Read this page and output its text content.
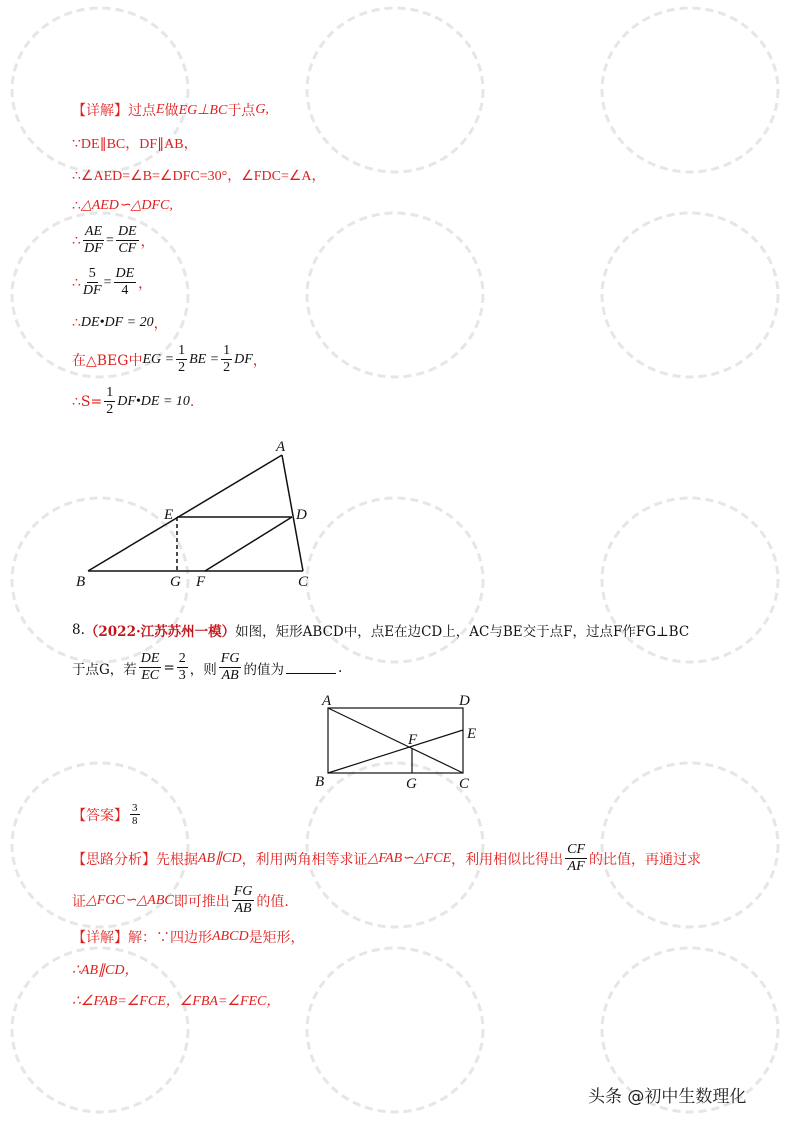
【详解】 过点 E 做 EG⊥BC 于点 G,
∵DE∥BC，DF∥AB，
∴∠AED=∠B=∠DFC=30°，∠FDC=∠A，
∴ △AED∽△DFC,
∴ $\frac{AE}{DF} = \frac{DE}{CF}$ ，
∴ $\frac{5}{DF} = \frac{DE}{4}$ ，
∴ DE•DF = 20 ，
在△BEG中 EG = $\frac{1}{2}$ BE = $\frac{1}{2}$ DF ，
∴S= $\frac{1}{2}$ DF•DE = 10 .
A
B	C
D
E
F
G
8. （2022·江苏苏州一模） 如图，矩形ABCD中，点E在边CD上，AC与BE交于点F，过点F作FG⊥BC
于点G，若 $\frac{DE}{EC} = \frac{2}{3}$ ，则 $\frac{FG}{AB}$ 的值为	.
A
B	C
D
E
F
G
【答案】 $\frac{3}{8}$
【思路分析】 先根据 AB∥CD ，利用两角相等求证 △FAB∽△FCE ，利用相似比得出 $\frac{CF}{AF}$ 的比值，再通过求
证 △FGC∽△ABC 即可推出 $\frac{FG}{AB}$ 的值.
【详解】 解：∵四边形 ABCD 是矩形，
∴AB∥CD，
∴∠FAB=∠FCE，∠FBA=∠FEC，
头条 @初中生数理化
